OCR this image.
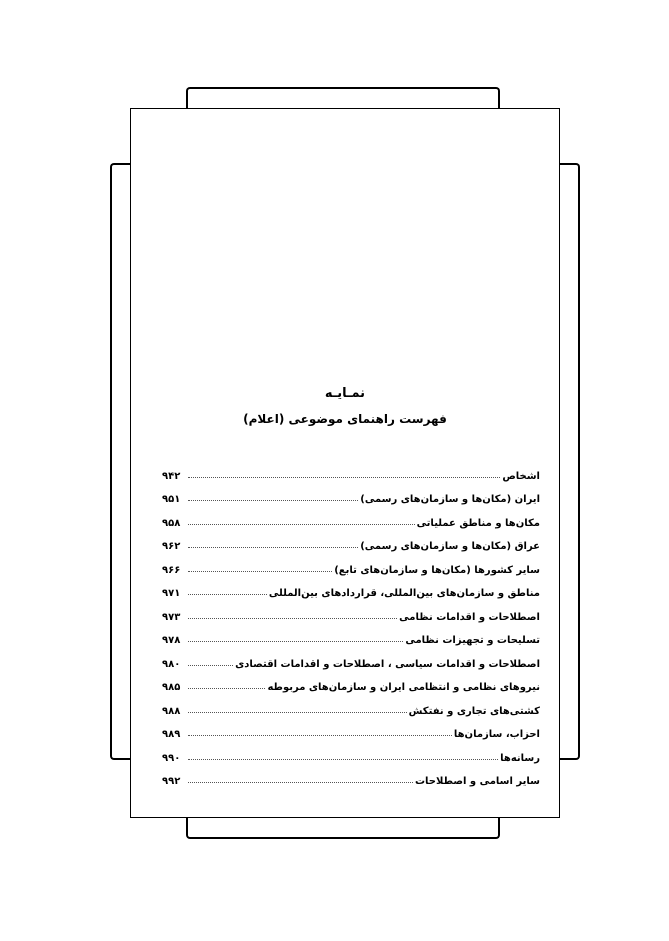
نمـایـه
فهرست راهنمای موضوعی (اعلام)
اشخاص
۹۴۲
ایران (مکان‌ها و سازمان‌های رسمی)
۹۵۱
مکان‌ها و مناطق عملیاتی
۹۵۸
عراق (مکان‌ها و سازمان‌های رسمی)
۹۶۲
سایر کشورها (مکان‌ها و سازمان‌های تابع)
۹۶۶
مناطق و سازمان‌های بین‌المللی، قراردادهای بین‌المللی
۹۷۱
اصطلاحات و اقدامات نظامی
۹۷۳
تسلیحات و تجهیزات نظامی
۹۷۸
اصطلاحات و اقدامات سیاسی ، اصطلاحات و اقدامات اقتصادی
۹۸۰
نیروهای نظامی و انتظامی ایران و سازمان‌های مربوطه
۹۸۵
کشتی‌های تجاری و نفتکش
۹۸۸
احزاب، سازمان‌ها
۹۸۹
رسانه‌ها
۹۹۰
سایر اسامی و اصطلاحات
۹۹۲
